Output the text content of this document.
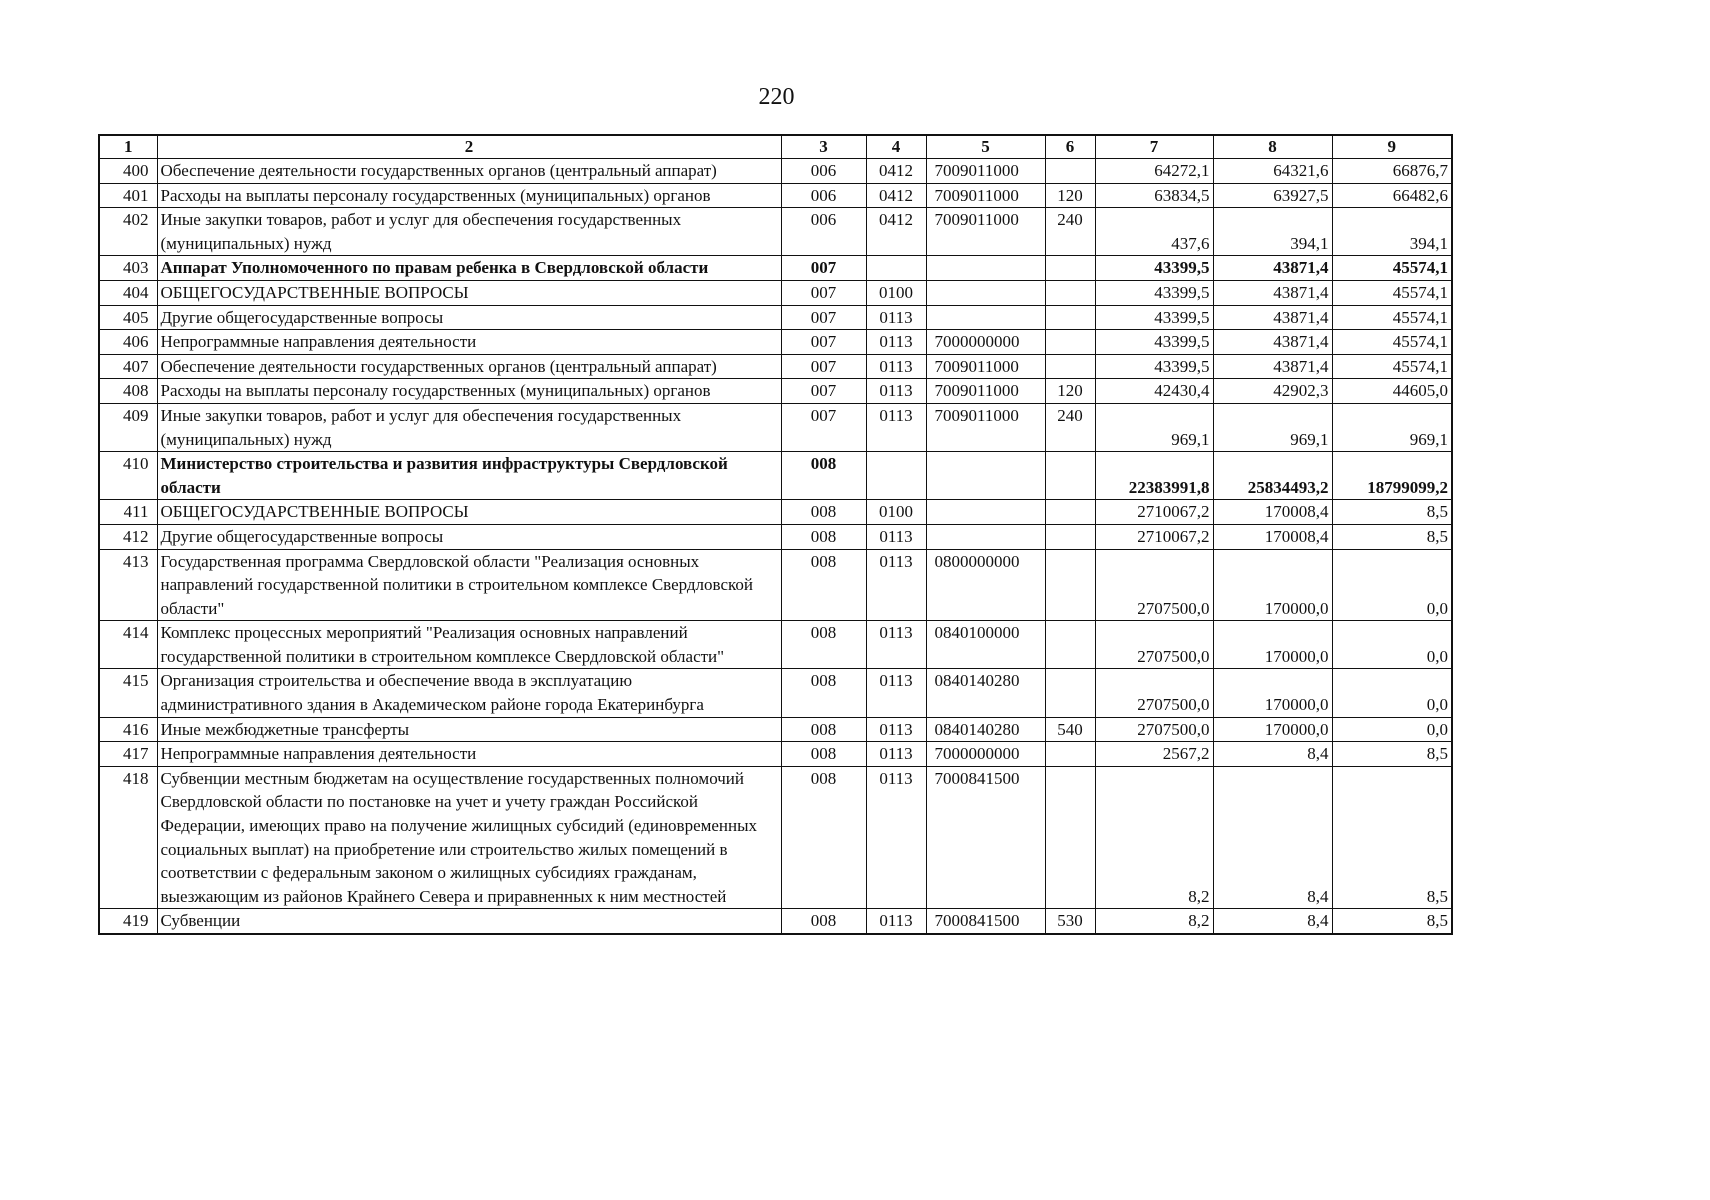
220
1	2	3	4	5	6	7	8	9
400	Обеспечение деятельности государственных органов (центральный аппарат)	006	0412	7009011000		64272,1	64321,6	66876,7
401	Расходы на выплаты персоналу государственных (муниципальных) органов	006	0412	7009011000	120	63834,5	63927,5	66482,6
402	Иные закупки товаров, работ и услуг для обеспечения государственных (муниципальных) нужд	006	0412	7009011000	240	437,6	394,1	394,1
403	Аппарат Уполномоченного по правам ребенка в Свердловской области	007				43399,5	43871,4	45574,1
404	ОБЩЕГОСУДАРСТВЕННЫЕ ВОПРОСЫ	007	0100			43399,5	43871,4	45574,1
405	Другие общегосударственные вопросы	007	0113			43399,5	43871,4	45574,1
406	Непрограммные направления деятельности	007	0113	7000000000		43399,5	43871,4	45574,1
407	Обеспечение деятельности государственных органов (центральный аппарат)	007	0113	7009011000		43399,5	43871,4	45574,1
408	Расходы на выплаты персоналу государственных (муниципальных) органов	007	0113	7009011000	120	42430,4	42902,3	44605,0
409	Иные закупки товаров, работ и услуг для обеспечения государственных (муниципальных) нужд	007	0113	7009011000	240	969,1	969,1	969,1
410	Министерство строительства и развития инфраструктуры Свердловской области	008				22383991,8	25834493,2	18799099,2
411	ОБЩЕГОСУДАРСТВЕННЫЕ ВОПРОСЫ	008	0100			2710067,2	170008,4	8,5
412	Другие общегосударственные вопросы	008	0113			2710067,2	170008,4	8,5
413	Государственная программа Свердловской области "Реализация основных направлений государственной политики в строительном комплексе Свердловской области"	008	0113	0800000000		2707500,0	170000,0	0,0
414	Комплекс процессных мероприятий "Реализация основных направлений государственной политики в строительном комплексе Свердловской области"	008	0113	0840100000		2707500,0	170000,0	0,0
415	Организация строительства и обеспечение ввода в эксплуатацию административного здания в Академическом районе города Екатеринбурга	008	0113	0840140280		2707500,0	170000,0	0,0
416	Иные межбюджетные трансферты	008	0113	0840140280	540	2707500,0	170000,0	0,0
417	Непрограммные направления деятельности	008	0113	7000000000		2567,2	8,4	8,5
418	Субвенции местным бюджетам на осуществление государственных полномочий Свердловской области по постановке на учет и учету граждан Российской Федерации, имеющих право на получение жилищных субсидий (единовременных социальных выплат) на приобретение или строительство жилых помещений в соответствии с федеральным законом о жилищных субсидиях гражданам, выезжающим из районов Крайнего Севера и приравненных к ним местностей	008	0113	7000841500		8,2	8,4	8,5
419	Субвенции	008	0113	7000841500	530	8,2	8,4	8,5
